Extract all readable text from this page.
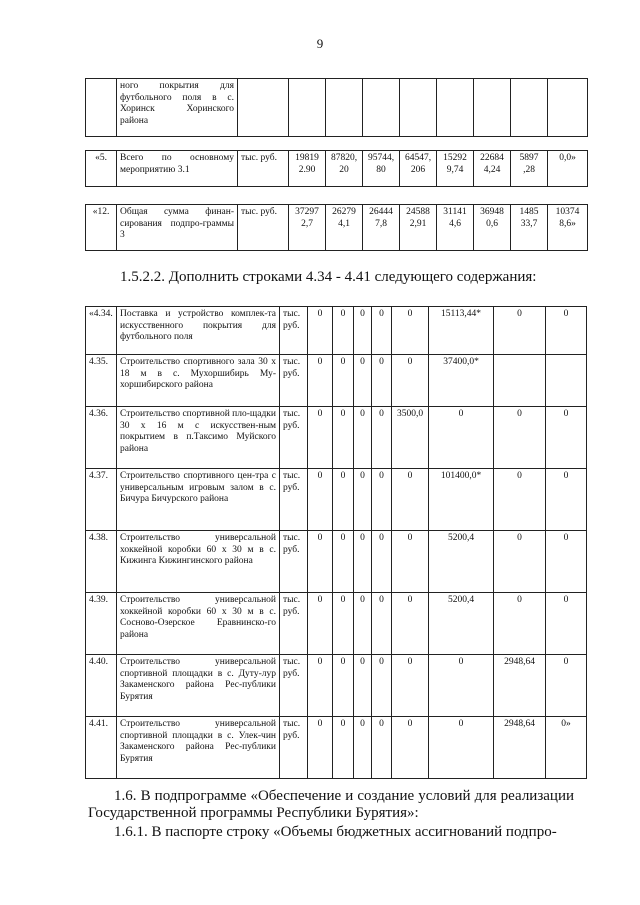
9
	ного покрытия для футбольного поля в с. Хоринск Хоринского района									
«5.	Всего по основному мероприятию 3.1	тыс. руб.	19819 2.90	87820, 20	95744, 80	64547, 206	15292 9,74	22684 4,24	5897 ,28	0,0»
«12.	Общая сумма финан-сирования подпро-граммы 3	тыс. руб.	37297 2,7	26279 4,1	26444 7,8	24588 2,91	31141 4,6	36948 0,6	1485 33,7	10374 8,6»
1.5.2.2. Дополнить строками 4.34 - 4.41 следующего содержания:
«4.34.	Поставка и устройство комплек-та искусственного покрытия для футбольного поля	тыс. руб.	0	0	0	0	0	15113,44*	0	0
4.35.	Строительство спортивного зала 30 х 18 м в с. Мухоршибирь Му-хоршибирского района	тыс. руб.	0	0	0	0	0	37400,0*		
4.36.	Строительство спортивной пло-щадки 30 х 16 м с искусствен-ным покрытием в п.Таксимо Муйского района	тыс. руб.	0	0	0	0	3500,0	0	0	0
4.37.	Строительство спортивного цен-тра с универсальным игровым залом в с. Бичура Бичурского района	тыс. руб.	0	0	0	0	0	101400,0*	0	0
4.38.	Строительство универсальной хоккейной коробки 60 х 30 м в с. Кижинга Кижингинского района	тыс. руб.	0	0	0	0	0	5200,4	0	0
4.39.	Строительство универсальной хоккейной коробки 60 х 30 м в с. Сосново-Озерское Еравнинско-го района	тыс. руб.	0	0	0	0	0	5200,4	0	0
4.40.	Строительство универсальной спортивной площадки в с. Дуту-лур Закаменского района Рес-публики Бурятия	тыс. руб.	0	0	0	0	0	0	2948,64	0
4.41.	Строительство универсальной спортивной площадки в с. Улек-чин Закаменского района Рес-публики Бурятия	тыс. руб.	0	0	0	0	0	0	2948,64	0»
1.6. В подпрограмме «Обеспечение и создание условий для реализации Государственной программы Республики Бурятия»:
1.6.1. В паспорте строку «Объемы бюджетных ассигнований подпро-
